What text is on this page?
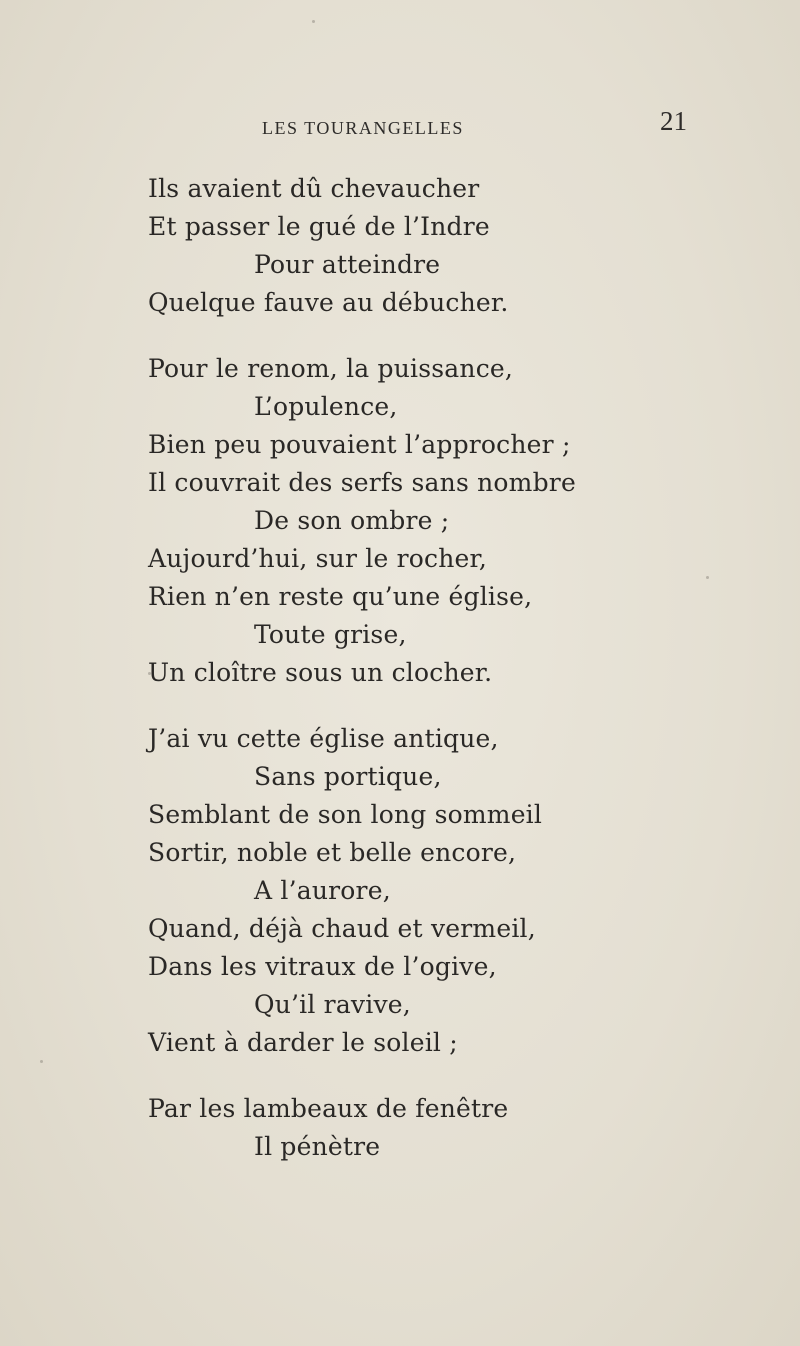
LES TOURANGELLES	21
Ils avaient dû chevaucher
Et passer le gué de l’Indre
Pour atteindre
Quelque fauve au débucher.
Pour le renom, la puissance,
L’opulence,
Bien peu pouvaient l’approcher ;
Il couvrait des serfs sans nombre
De son ombre ;
Aujourd’hui, sur le rocher,
Rien n’en reste qu’une église,
Toute grise,
Un cloître sous un clocher.
J’ai vu cette église antique,
Sans portique,
Semblant de son long sommeil
Sortir, noble et belle encore,
A l’aurore,
Quand, déjà chaud et vermeil,
Dans les vitraux de l’ogive,
Qu’il ravive,
Vient à darder le soleil ;
Par les lambeaux de fenêtre
Il pénètre
